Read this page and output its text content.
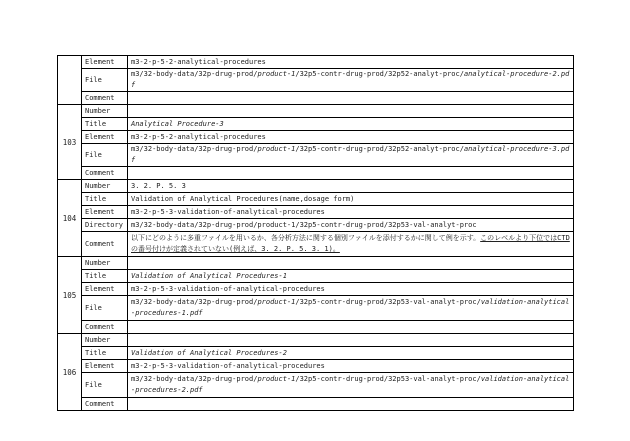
	Element	m3-2-p-5-2-analytical-procedures
	File	m3/32-body-data/32p-drug-prod/product-1/32p5-contr-drug-prod/32p52-analyt-proc/analytical-procedure-2.pdf
	Comment	
103	Number	
	Title	Analytical Procedure-3
	Element	m3-2-p-5-2-analytical-procedures
	File	m3/32-body-data/32p-drug-prod/product-1/32p5-contr-drug-prod/32p52-analyt-proc/analytical-procedure-3.pdf
	Comment	
104	Number	3. 2. P. 5. 3
	Title	Validation of Analytical Procedures(name,dosage form)
	Element	m3-2-p-5-3-validation-of-analytical-procedures
	Directory	m3/32-body-data/32p-drug-prod/product-1/32p5-contr-drug-prod/32p53-val-analyt-proc
	Comment	以下にどのように多重ファイルを用いるか、各分析方法に関する個別ファイルを添付するかに関して例を示す。このレベルより下位ではCTDの番号付けが定義されていない(例えば、3. 2. P. 5. 3. 1)。
105	Number	
	Title	Validation of Analytical Procedures-1
	Element	m3-2-p-5-3-validation-of-analytical-procedures
	File	m3/32-body-data/32p-drug-prod/product-1/32p5-contr-drug-prod/32p53-val-analyt-proc/validation-analytical-procedures-1.pdf
	Comment	
106	Number	
	Title	Validation of Analytical Procedures-2
	Element	m3-2-p-5-3-validation-of-analytical-procedures
	File	m3/32-body-data/32p-drug-prod/product-1/32p5-contr-drug-prod/32p53-val-analyt-proc/validation-analytical-procedures-2.pdf
	Comment	
